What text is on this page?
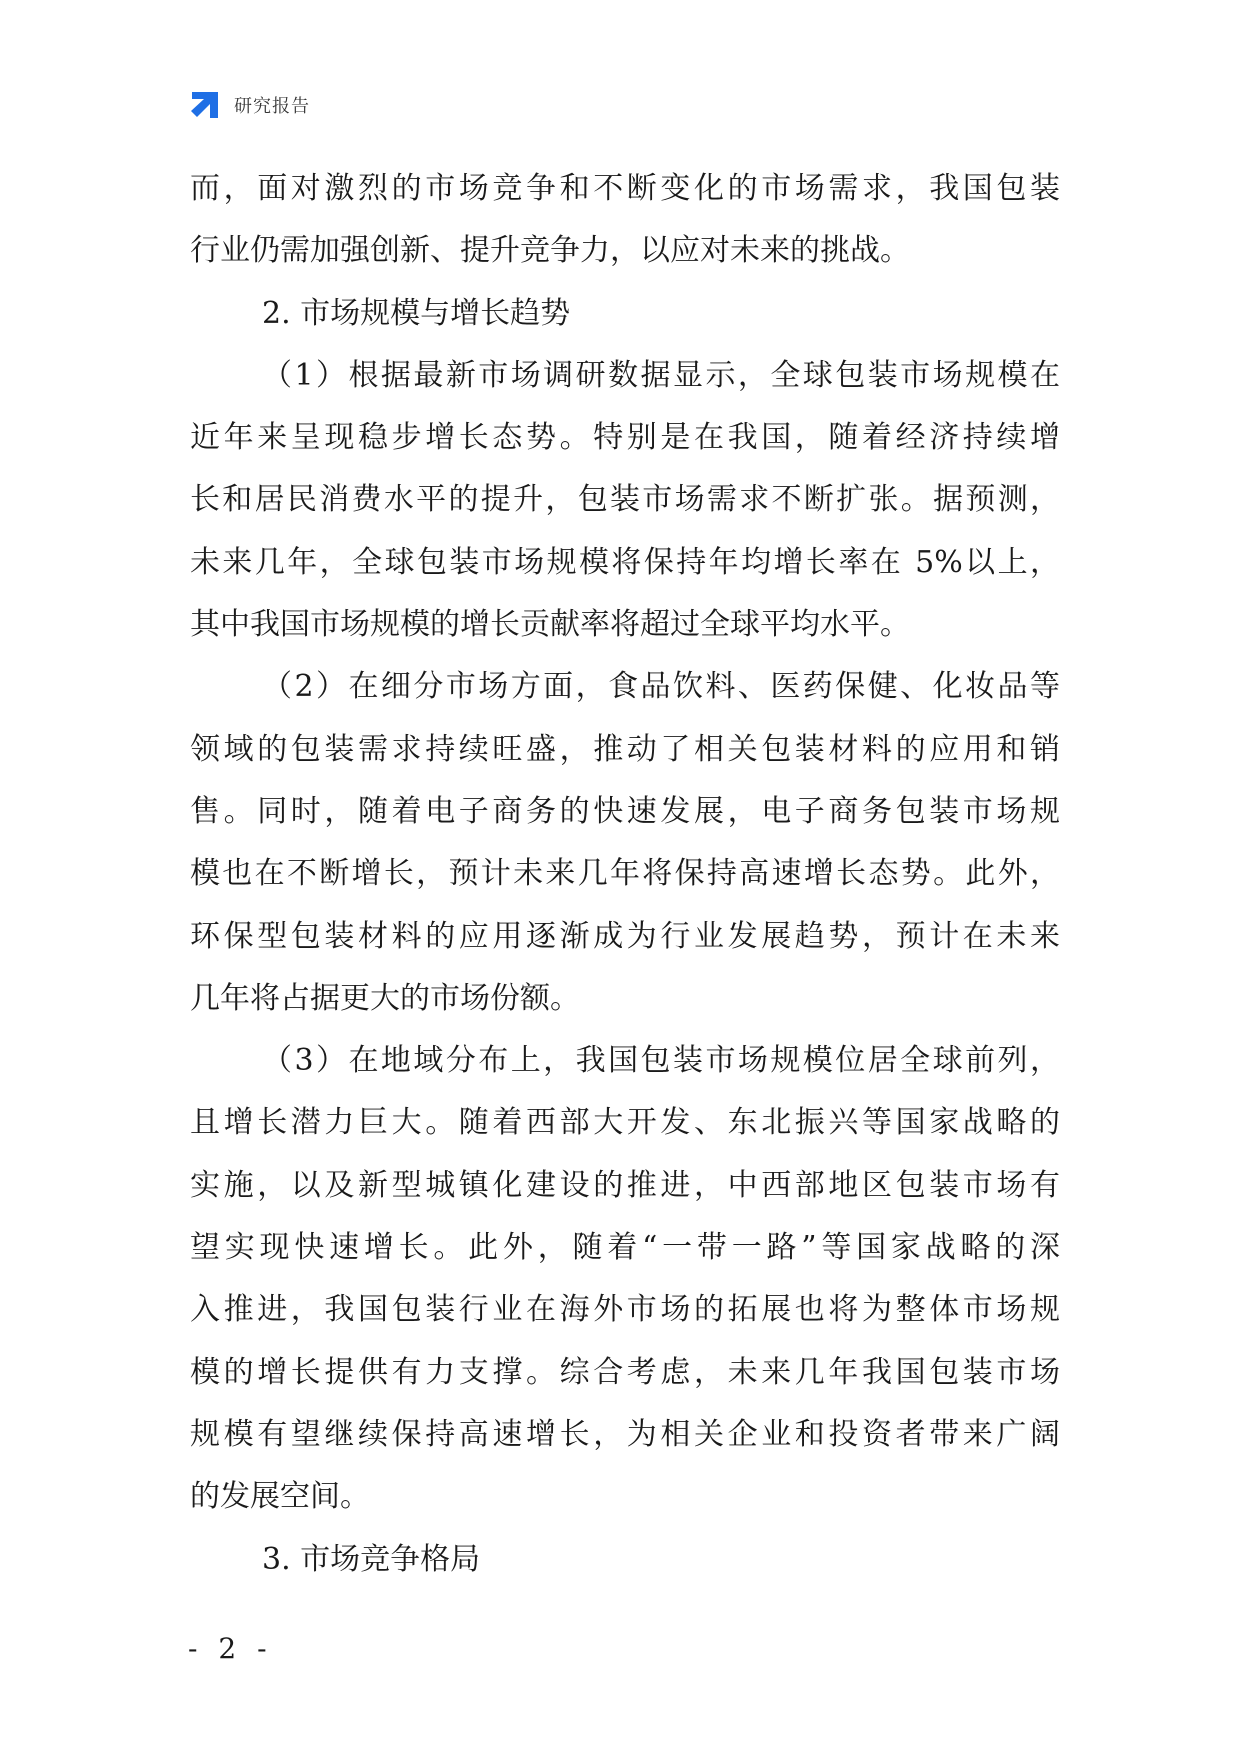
研究报告
而，面对激烈的市场竞争和不断变化的市场需求，我国包装
行业仍需加强创新、提升竞争力，以应对未来的挑战。
2. 市场规模与增长趋势
（1）根据最新市场调研数据显示，全球包装市场规模在
近年来呈现稳步增长态势。特别是在我国，随着经济持续增
长和居民消费水平的提升，包装市场需求不断扩张。据预测，
未来几年，全球包装市场规模将保持年均增长率在 5%以上，
其中我国市场规模的增长贡献率将超过全球平均水平。
（2）在细分市场方面，食品饮料、医药保健、化妆品等
领域的包装需求持续旺盛，推动了相关包装材料的应用和销
售。同时，随着电子商务的快速发展，电子商务包装市场规
模也在不断增长，预计未来几年将保持高速增长态势。此外，
环保型包装材料的应用逐渐成为行业发展趋势，预计在未来
几年将占据更大的市场份额。
（3）在地域分布上，我国包装市场规模位居全球前列，
且增长潜力巨大。随着西部大开发、东北振兴等国家战略的
实施，以及新型城镇化建设的推进，中西部地区包装市场有
望实现快速增长。此外，随着“一带一路”等国家战略的深
入推进，我国包装行业在海外市场的拓展也将为整体市场规
模的增长提供有力支撑。综合考虑，未来几年我国包装市场
规模有望继续保持高速增长，为相关企业和投资者带来广阔
的发展空间。
3. 市场竞争格局
- 2 -
